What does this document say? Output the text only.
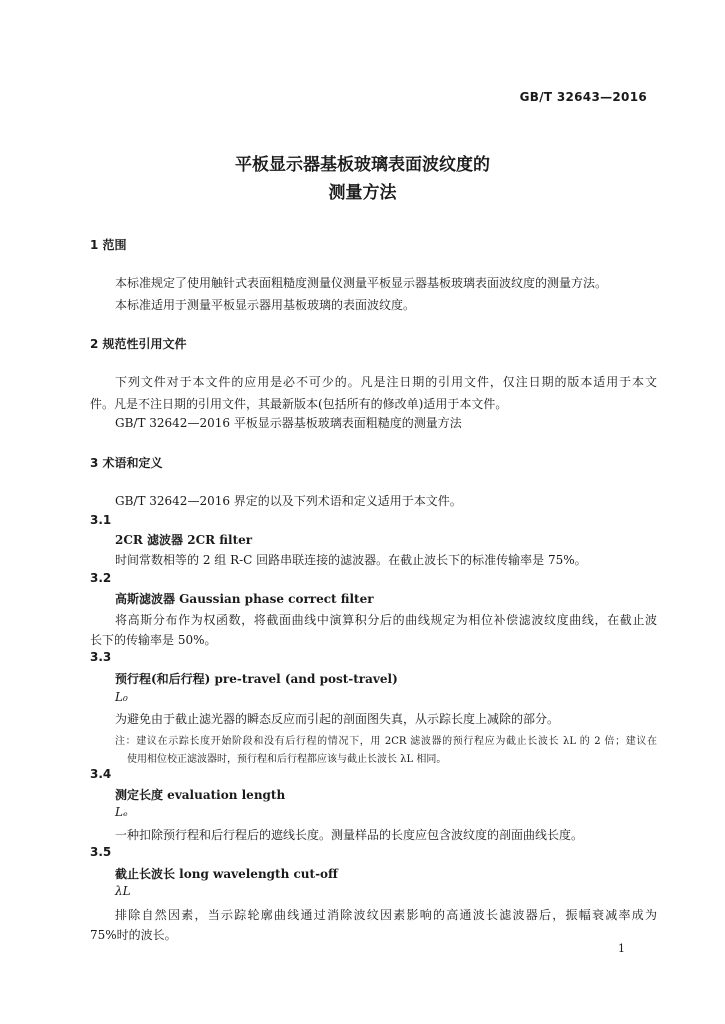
GB/T 32643—2016
平板显示器基板玻璃表面波纹度的
测量方法
1 范围
本标准规定了使用触针式表面粗糙度测量仪测量平板显示器基板玻璃表面波纹度的测量方法。
本标准适用于测量平板显示器用基板玻璃的表面波纹度。
2 规范性引用文件
下列文件对于本文件的应用是必不可少的。凡是注日期的引用文件，仅注日期的版本适用于本文
件。凡是不注日期的引用文件，其最新版本(包括所有的修改单)适用于本文件。
GB/T 32642—2016 平板显示器基板玻璃表面粗糙度的测量方法
3 术语和定义
GB/T 32642—2016 界定的以及下列术语和定义适用于本文件。
3.1
2CR 滤波器 2CR filter
时间常数相等的 2 组 R-C 回路串联连接的滤波器。在截止波长下的标准传输率是 75%。
3.2
高斯滤波器 Gaussian phase correct filter
将高斯分布作为权函数，将截面曲线中演算积分后的曲线规定为相位补偿滤波纹度曲线，在截止波
长下的传输率是 50%。
3.3
预行程(和后行程) pre-travel (and post-travel)
L₀
为避免由于截止滤光器的瞬态反应而引起的剖面图失真，从示踪长度上减除的部分。
注：建议在示踪长度开始阶段和没有后行程的情况下，用 2CR 滤波器的预行程应为截止长波长 λL 的 2 倍；建议在
使用相位校正滤波器时，预行程和后行程都应该与截止长波长 λL 相同。
3.4
测定长度 evaluation length
Lₑ
一种扣除预行程和后行程后的遮线长度。测量样品的长度应包含波纹度的剖面曲线长度。
3.5
截止长波长 long wavelength cut-off
λL
排除自然因素，当示踪轮廓曲线通过消除波纹因素影响的高通波长滤波器后，振幅衰减率成为
75%时的波长。
1
